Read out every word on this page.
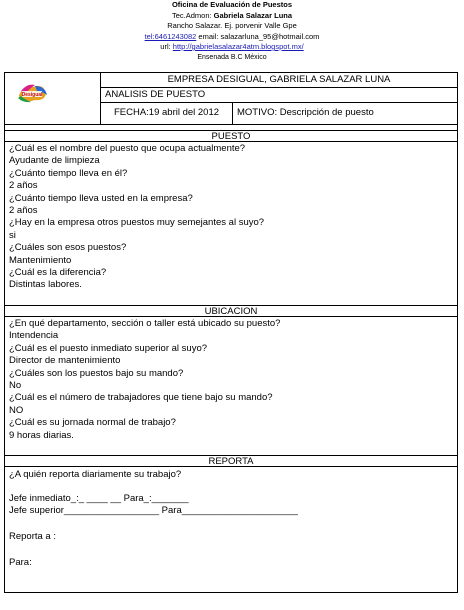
Oficina de Evaluación de Puestos
Tec.Admon: Gabriela Salazar Luna
Rancho Salazar. Ej. porvenir Valle Gpe
tel:6461243082 email: salazarluna_95@hotmail.com
url: http://gabrielasalazar4atm.blogspot.mx/
Ensenada B.C México
Desigual
EMPRESA DESIGUAL, GABRIELA SALAZAR LUNA
ANALISIS DE PUESTO
FECHA:19 abril del 2012	MOTIVO: Descripción de puesto
PUESTO
¿Cuál es el nombre del puesto que ocupa actualmente?
Ayudante de limpieza
¿Cuánto tiempo lleva en él?
2 años
¿Cuánto tiempo lleva usted en la empresa?
2 años
¿Hay en la empresa otros puestos muy semejantes al suyo?
si
¿Cuáles son esos puestos?
Mantenimiento
¿Cuál es la diferencia?
Distintas labores.
UBICACION
¿En qué departamento, sección o taller está ubicado su puesto?
Intendencia
¿Cuál es el puesto inmediato superior al suyo?
Director de mantenimiento
¿Cuáles son los puestos bajo su mando?
No
¿Cuál es el número de trabajadores que tiene bajo su mando?
NO
¿Cuál es su jornada normal de trabajo?
9 horas diarias.
REPORTA
¿A quién reporta diariamente su trabajo?
Jefe inmediato_:_ ____ __ Para_:_______
Jefe superior__________________ Para______________________
Reporta a :
Para:
